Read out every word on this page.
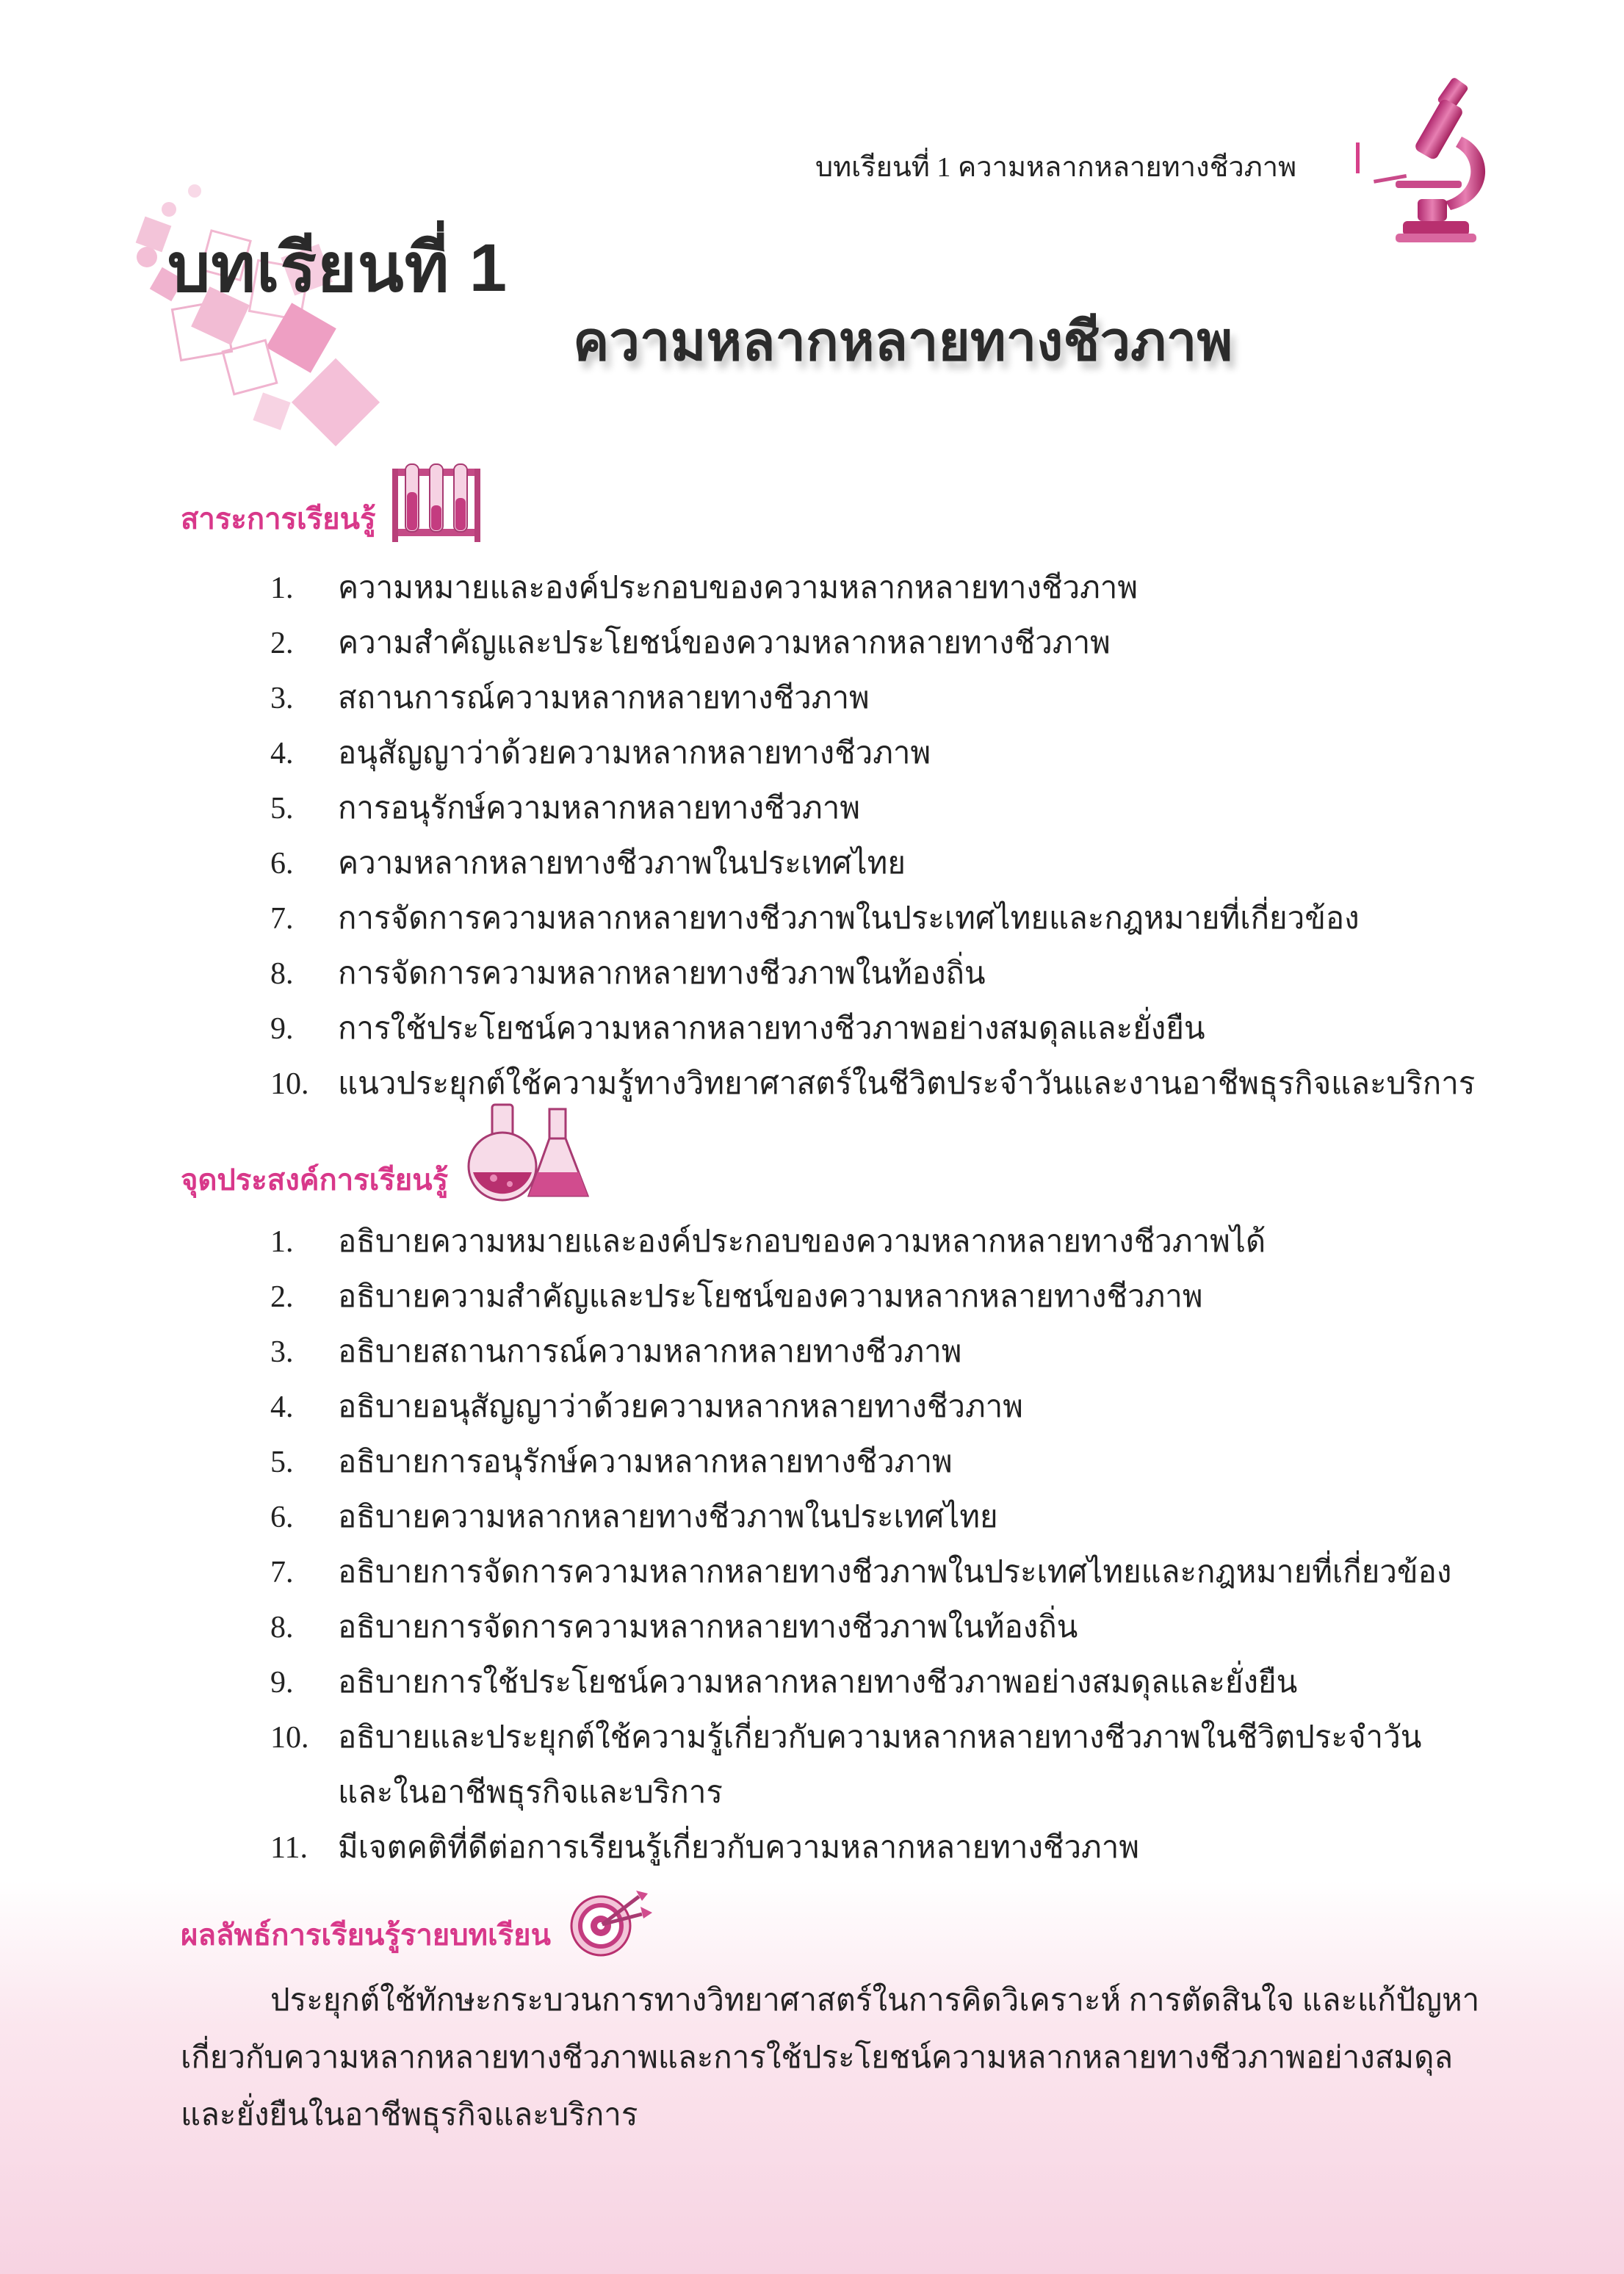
บทเรียนที่ 1 ความหลากหลายทางชีวภาพ
บทเรียนที่ 1
ความหลากหลายทางชีวภาพ
สาระการเรียนรู้
1.	ความหมายและองค์ประกอบของความหลากหลายทางชีวภาพ
2.	ความสำคัญและประโยชน์ของความหลากหลายทางชีวภาพ
3.	สถานการณ์ความหลากหลายทางชีวภาพ
4.	อนุสัญญาว่าด้วยความหลากหลายทางชีวภาพ
5.	การอนุรักษ์ความหลากหลายทางชีวภาพ
6.	ความหลากหลายทางชีวภาพในประเทศไทย
7.	การจัดการความหลากหลายทางชีวภาพในประเทศไทยและกฎหมายที่เกี่ยวข้อง
8.	การจัดการความหลากหลายทางชีวภาพในท้องถิ่น
9.	การใช้ประโยชน์ความหลากหลายทางชีวภาพอย่างสมดุลและยั่งยืน
10. แนวประยุกต์ใช้ความรู้ทางวิทยาศาสตร์ในชีวิตประจำวันและงานอาชีพธุรกิจและบริการ
จุดประสงค์การเรียนรู้
1.	อธิบายความหมายและองค์ประกอบของความหลากหลายทางชีวภาพได้
2.	อธิบายความสำคัญและประโยชน์ของความหลากหลายทางชีวภาพ
3.	อธิบายสถานการณ์ความหลากหลายทางชีวภาพ
4.	อธิบายอนุสัญญาว่าด้วยความหลากหลายทางชีวภาพ
5.	อธิบายการอนุรักษ์ความหลากหลายทางชีวภาพ
6.	อธิบายความหลากหลายทางชีวภาพในประเทศไทย
7.	อธิบายการจัดการความหลากหลายทางชีวภาพในประเทศไทยและกฎหมายที่เกี่ยวข้อง
8.	อธิบายการจัดการความหลากหลายทางชีวภาพในท้องถิ่น
9.	อธิบายการใช้ประโยชน์ความหลากหลายทางชีวภาพอย่างสมดุลและยั่งยืน
10. อธิบายและประยุกต์ใช้ความรู้เกี่ยวกับความหลากหลายทางชีวภาพในชีวิตประจำวัน
และในอาชีพธุรกิจและบริการ
11. มีเจตคติที่ดีต่อการเรียนรู้เกี่ยวกับความหลากหลายทางชีวภาพ
ผลลัพธ์การเรียนรู้รายบทเรียน
ประยุกต์ใช้ทักษะกระบวนการทางวิทยาศาสตร์ในการคิดวิเคราะห์ การตัดสินใจ และแก้ปัญหา
เกี่ยวกับความหลากหลายทางชีวภาพและการใช้ประโยชน์ความหลากหลายทางชีวภาพอย่างสมดุล
และยั่งยืนในอาชีพธุรกิจและบริการ
